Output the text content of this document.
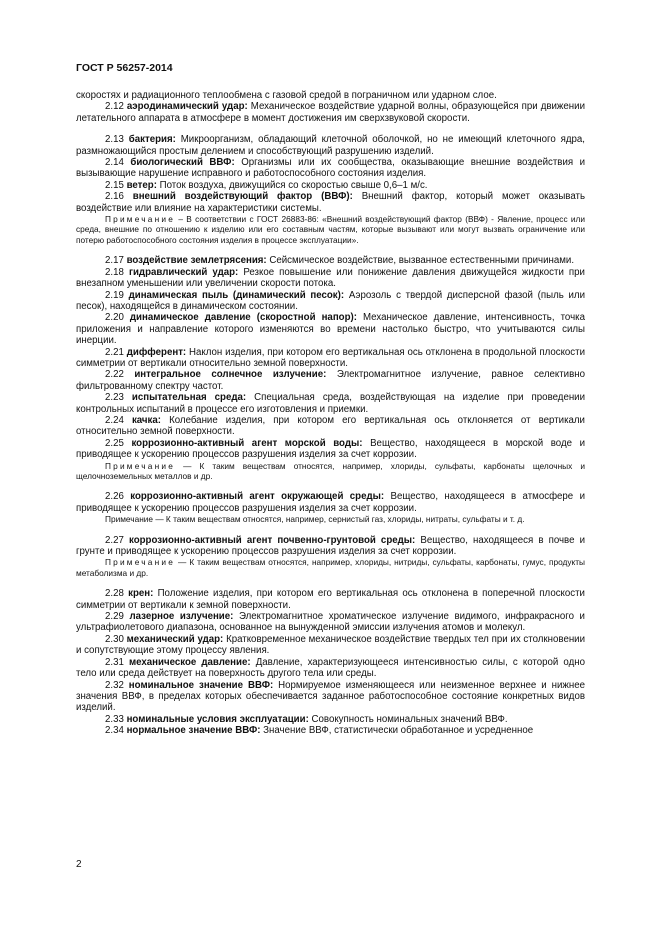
ГОСТ Р 56257-2014

скоростях и радиационного теплообмена с газовой средой в пограничном или ударном слое.

2.12 аэродинамический удар: Механическое воздействие ударной волны, образующейся при движении летательного аппарата в атмосфере в момент достижения им сверхзвуковой скорости.

2.13 бактерия: Микроорганизм, обладающий клеточной оболочкой, но не имеющий клеточного ядра, размножающийся простым делением и способствующий разрушению изделий.

2.14 биологический ВВФ: Организмы или их сообщества, оказывающие внешние воздействия и вызывающие нарушение исправного и работоспособного состояния изделия.

2.15 ветер: Поток воздуха, движущийся со скоростью свыше 0,6–1 м/с.

2.16 внешний воздействующий фактор (ВВФ): Внешний фактор, который может оказывать воздействие или влияние на характеристики системы.

Примечание – В соответствии с ГОСТ 26883-86: «Внешний воздействующий фактор (ВВФ) - Явление, процесс или среда, внешние по отношению к изделию или его составным частям, которые вызывают или могут вызвать ограничение или потерю работоспособного состояния изделия в процессе эксплуатации».

2.17 воздействие землетрясения: Сейсмическое воздействие, вызванное естественными причинами.

2.18 гидравлический удар: Резкое повышение или понижение давления движущейся жидкости при внезапном уменьшении или увеличении скорости потока.

2.19 динамическая пыль (динамический песок): Аэрозоль с твердой дисперсной фазой (пыль или песок), находящейся в динамическом состоянии.

2.20 динамическое давление (скоростной напор): Механическое давление, интенсивность, точка приложения и направление которого изменяются во времени настолько быстро, что учитываются силы инерции.

2.21 дифферент: Наклон изделия, при котором его вертикальная ось отклонена в продольной плоскости симметрии от вертикали относительно земной поверхности.

2.22 интегральное солнечное излучение: Электромагнитное излучение, равное селективно фильтрованному спектру частот.

2.23 испытательная среда: Специальная среда, воздействующая на изделие при проведении контрольных испытаний в процессе его изготовления и приемки.

2.24 качка: Колебание изделия, при котором его вертикальная ось отклоняется от вертикали относительно земной поверхности.

2.25 коррозионно-активный агент морской воды: Вещество, находящееся в морской воде и приводящее к ускорению процессов разрушения изделия за счет коррозии.

Примечание — К таким веществам относятся, например, хлориды, сульфаты, карбонаты щелочных и щелочноземельных металлов и др.

2.26 коррозионно-активный агент окружающей среды: Вещество, находящееся в атмосфере и приводящее к ускорению процессов разрушения изделия за счет коррозии.

Примечание — К таким веществам относятся, например, сернистый газ, хлориды, нитраты, сульфаты и т. д.

2.27 коррозионно-активный агент почвенно-грунтовой среды: Вещество, находящееся в почве и грунте и приводящее к ускорению процессов разрушения изделия за счет коррозии.

Примечание — К таким веществам относятся, например, хлориды, нитриды, сульфаты, карбонаты, гумус, продукты метаболизма и др.

2.28 крен: Положение изделия, при котором его вертикальная ось отклонена в поперечной плоскости симметрии от вертикали к земной поверхности.

2.29 лазерное излучение: Электромагнитное хроматическое излучение видимого, инфракрасного и ультрафиолетового диапазона, основанное на вынужденной эмиссии излучения атомов и молекул.

2.30 механический удар: Кратковременное механическое воздействие твердых тел при их столкновении и сопутствующие этому процессу явления.

2.31 механическое давление: Давление, характеризующееся интенсивностью силы, с которой одно тело или среда действует на поверхность другого тела или среды.

2.32 номинальное значение ВВФ: Нормируемое изменяющееся или неизменное верхнее и нижнее значения ВВФ, в пределах которых обеспечивается заданное работоспособное состояние конкретных видов изделий.

2.33 номинальные условия эксплуатации: Совокупность номинальных значений ВВФ.

2.34 нормальное значение ВВФ: Значение ВВФ, статистически обработанное и усредненное

2
